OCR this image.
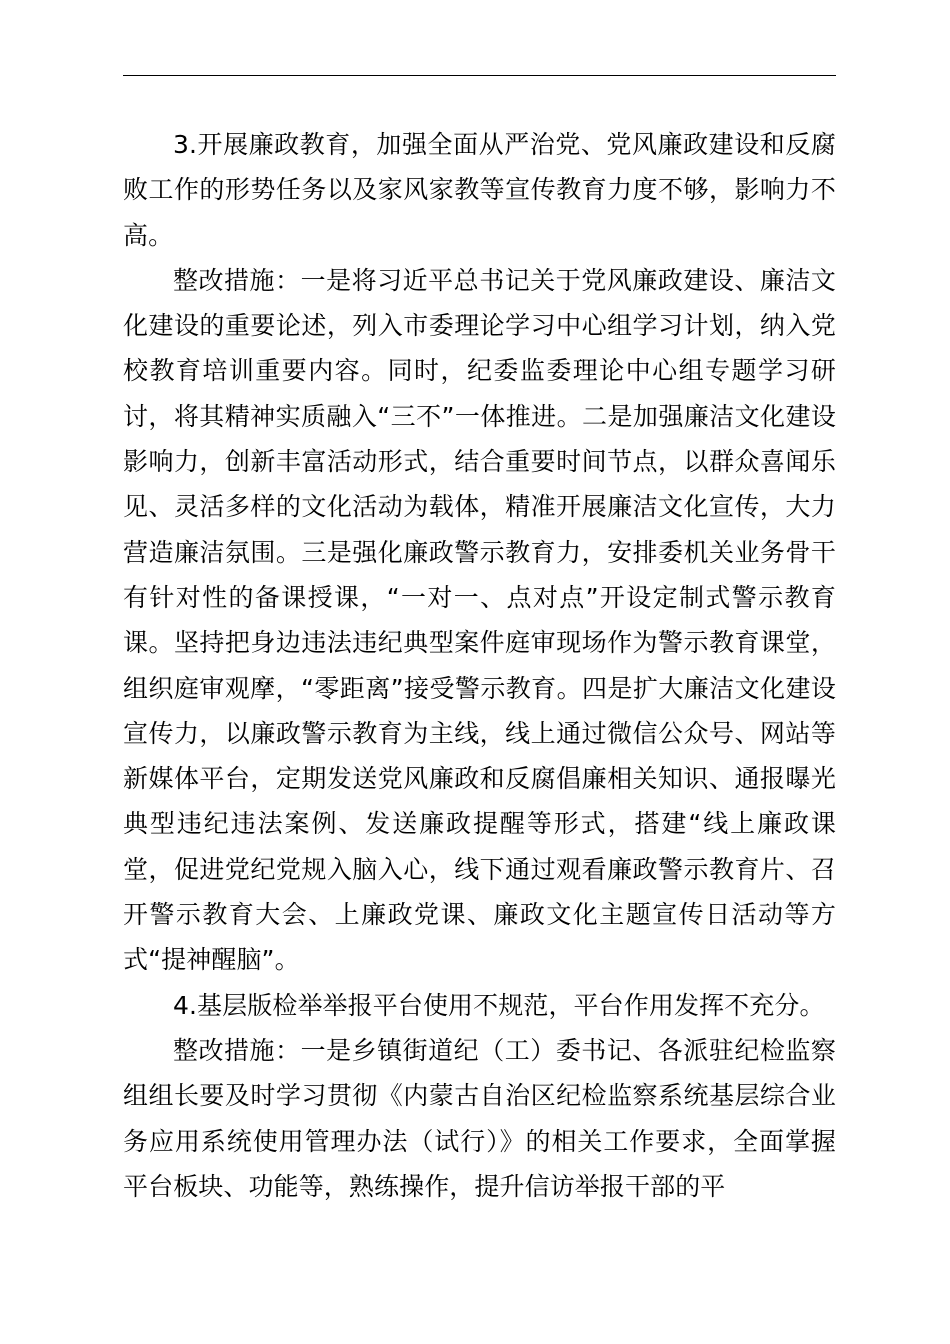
3.开展廉政教育，加强全面从严治党、党风廉政建设和反腐败工作的形势任务以及家风家教等宣传教育力度不够，影响力不高。

整改措施：一是将习近平总书记关于党风廉政建设、廉洁文化建设的重要论述，列入市委理论学习中心组学习计划，纳入党校教育培训重要内容。同时，纪委监委理论中心组专题学习研讨，将其精神实质融入“三不”一体推进。二是加强廉洁文化建设影响力，创新丰富活动形式，结合重要时间节点，以群众喜闻乐见、灵活多样的文化活动为载体，精准开展廉洁文化宣传，大力营造廉洁氛围。三是强化廉政警示教育力，安排委机关业务骨干有针对性的备课授课，“一对一、点对点”开设定制式警示教育课。坚持把身边违法违纪典型案件庭审现场作为警示教育课堂，组织庭审观摩，“零距离”接受警示教育。四是扩大廉洁文化建设宣传力，以廉政警示教育为主线，线上通过微信公众号、网站等新媒体平台，定期发送党风廉政和反腐倡廉相关知识、通报曝光典型违纪违法案例、发送廉政提醒等形式，搭建“线上廉政课堂，促进党纪党规入脑入心，线下通过观看廉政警示教育片、召开警示教育大会、上廉政党课、廉政文化主题宣传日活动等方式“提神醒脑”。

4.基层版检举举报平台使用不规范，平台作用发挥不充分。

整改措施：一是乡镇街道纪（工）委书记、各派驻纪检监察组组长要及时学习贯彻《内蒙古自治区纪检监察系统基层综合业务应用系统使用管理办法（试行）》的相关工作要求，全面掌握平台板块、功能等，熟练操作，提升信访举报干部的平
